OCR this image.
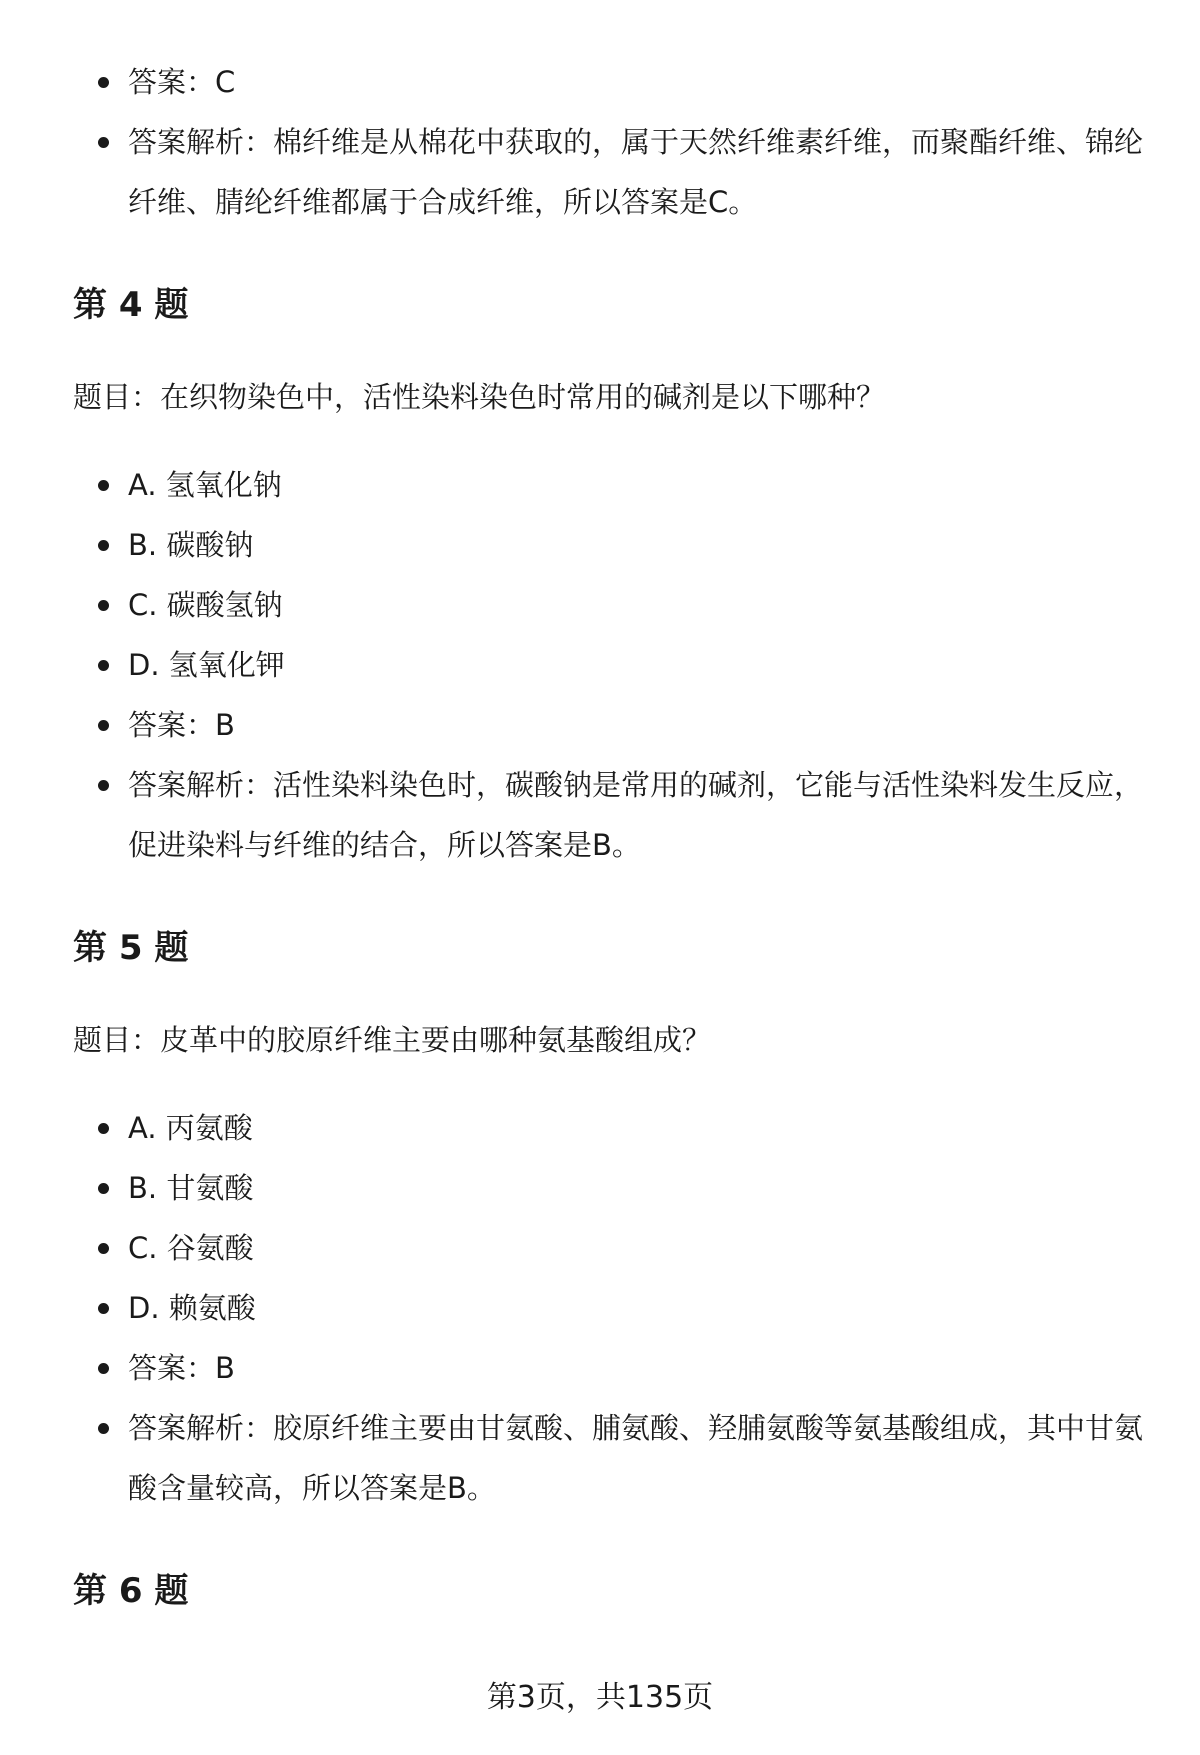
答案：C
答案解析：棉纤维是从棉花中获取的，属于天然纤维素纤维，而聚酯纤维、锦纶纤维、腈纶纤维都属于合成纤维，所以答案是C。
第 4 题
题目：在织物染色中，活性染料染色时常用的碱剂是以下哪种？
A. 氢氧化钠
B. 碳酸钠
C. 碳酸氢钠
D. 氢氧化钾
答案：B
答案解析：活性染料染色时，碳酸钠是常用的碱剂，它能与活性染料发生反应，促进染料与纤维的结合，所以答案是B。
第 5 题
题目：皮革中的胶原纤维主要由哪种氨基酸组成？
A. 丙氨酸
B. 甘氨酸
C. 谷氨酸
D. 赖氨酸
答案：B
答案解析：胶原纤维主要由甘氨酸、脯氨酸、羟脯氨酸等氨基酸组成，其中甘氨酸含量较高，所以答案是B。
第 6 题
第3页，共135页
